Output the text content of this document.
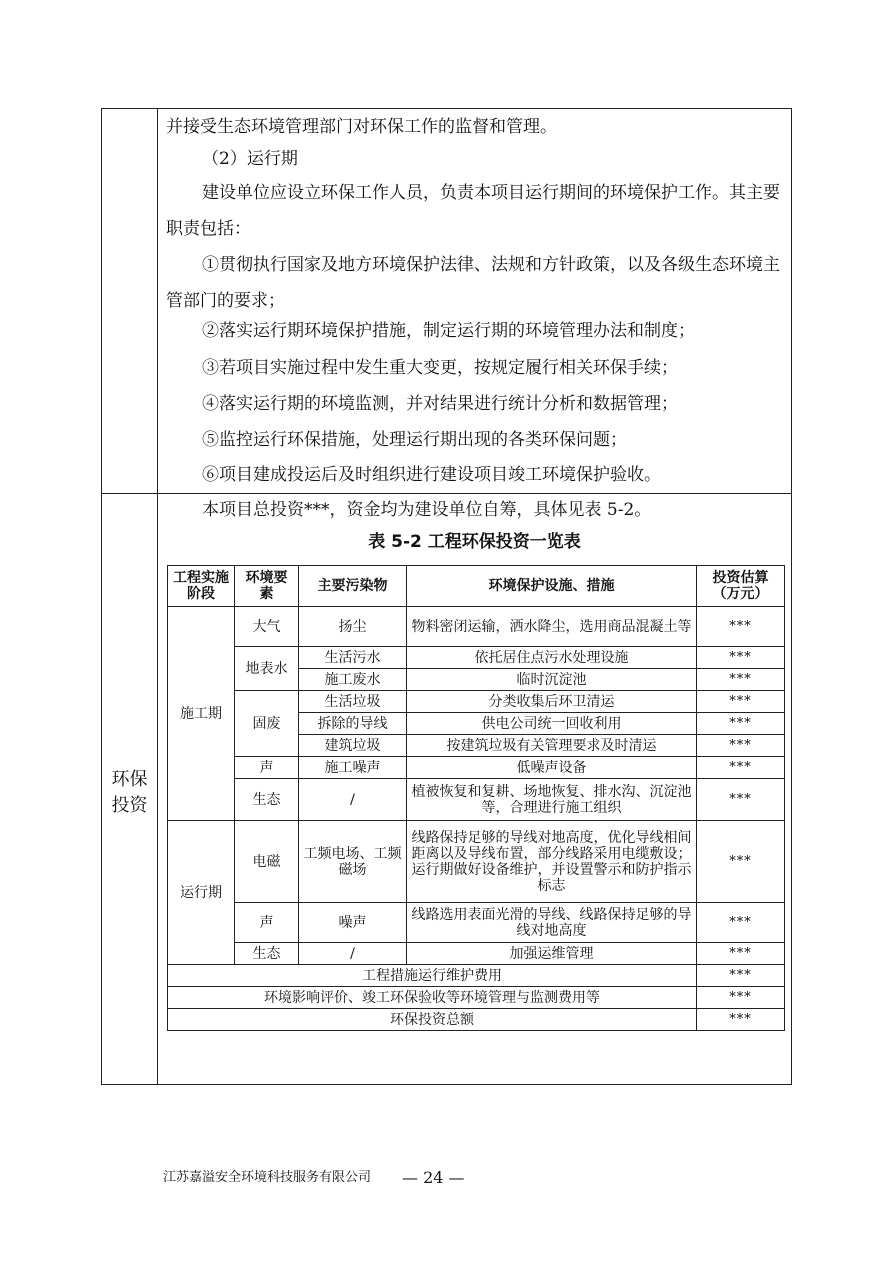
并接受生态环境管理部门对环保工作的监督和管理。
（2）运行期
建设单位应设立环保工作人员，负责本项目运行期间的环境保护工作。其主要职责包括：
①贯彻执行国家及地方环境保护法律、法规和方针政策，以及各级生态环境主管部门的要求；
②落实运行期环境保护措施，制定运行期的环境管理办法和制度；
③若项目实施过程中发生重大变更，按规定履行相关环保手续；
④落实运行期的环境监测，并对结果进行统计分析和数据管理；
⑤监控运行环保措施，处理运行期出现的各类环保问题；
⑥项目建成投运后及时组织进行建设项目竣工环境保护验收。
环保
投资
本项目总投资***，资金均为建设单位自筹，具体见表 5-2。
表 5-2 工程环保投资一览表
工程实施阶段	环境要素	主要污染物	环境保护设施、措施	投资估算（万元）
施工期	大气	扬尘	物料密闭运输，洒水降尘，选用商品混凝土等	***
	地表水	生活污水	依托居住点污水处理设施	***
		施工废水	临时沉淀池	***
	固废	生活垃圾	分类收集后环卫清运	***
		拆除的导线	供电公司统一回收利用	***
		建筑垃圾	按建筑垃圾有关管理要求及时清运	***
	声	施工噪声	低噪声设备	***
	生态	/	植被恢复和复耕、场地恢复、排水沟、沉淀池等，合理进行施工组织	***
运行期	电磁	工频电场、工频磁场	线路保持足够的导线对地高度，优化导线相间距离以及导线布置，部分线路采用电缆敷设；运行期做好设备维护，并设置警示和防护指示标志	***
	声	噪声	线路选用表面光滑的导线、线路保持足够的导线对地高度	***
	生态	/	加强运维管理	***
工程措施运行维护费用				***
环境影响评价、竣工环保验收等环境管理与监测费用等				***
环保投资总额				***
江苏嘉溢安全环境科技服务有限公司 — 24 —
